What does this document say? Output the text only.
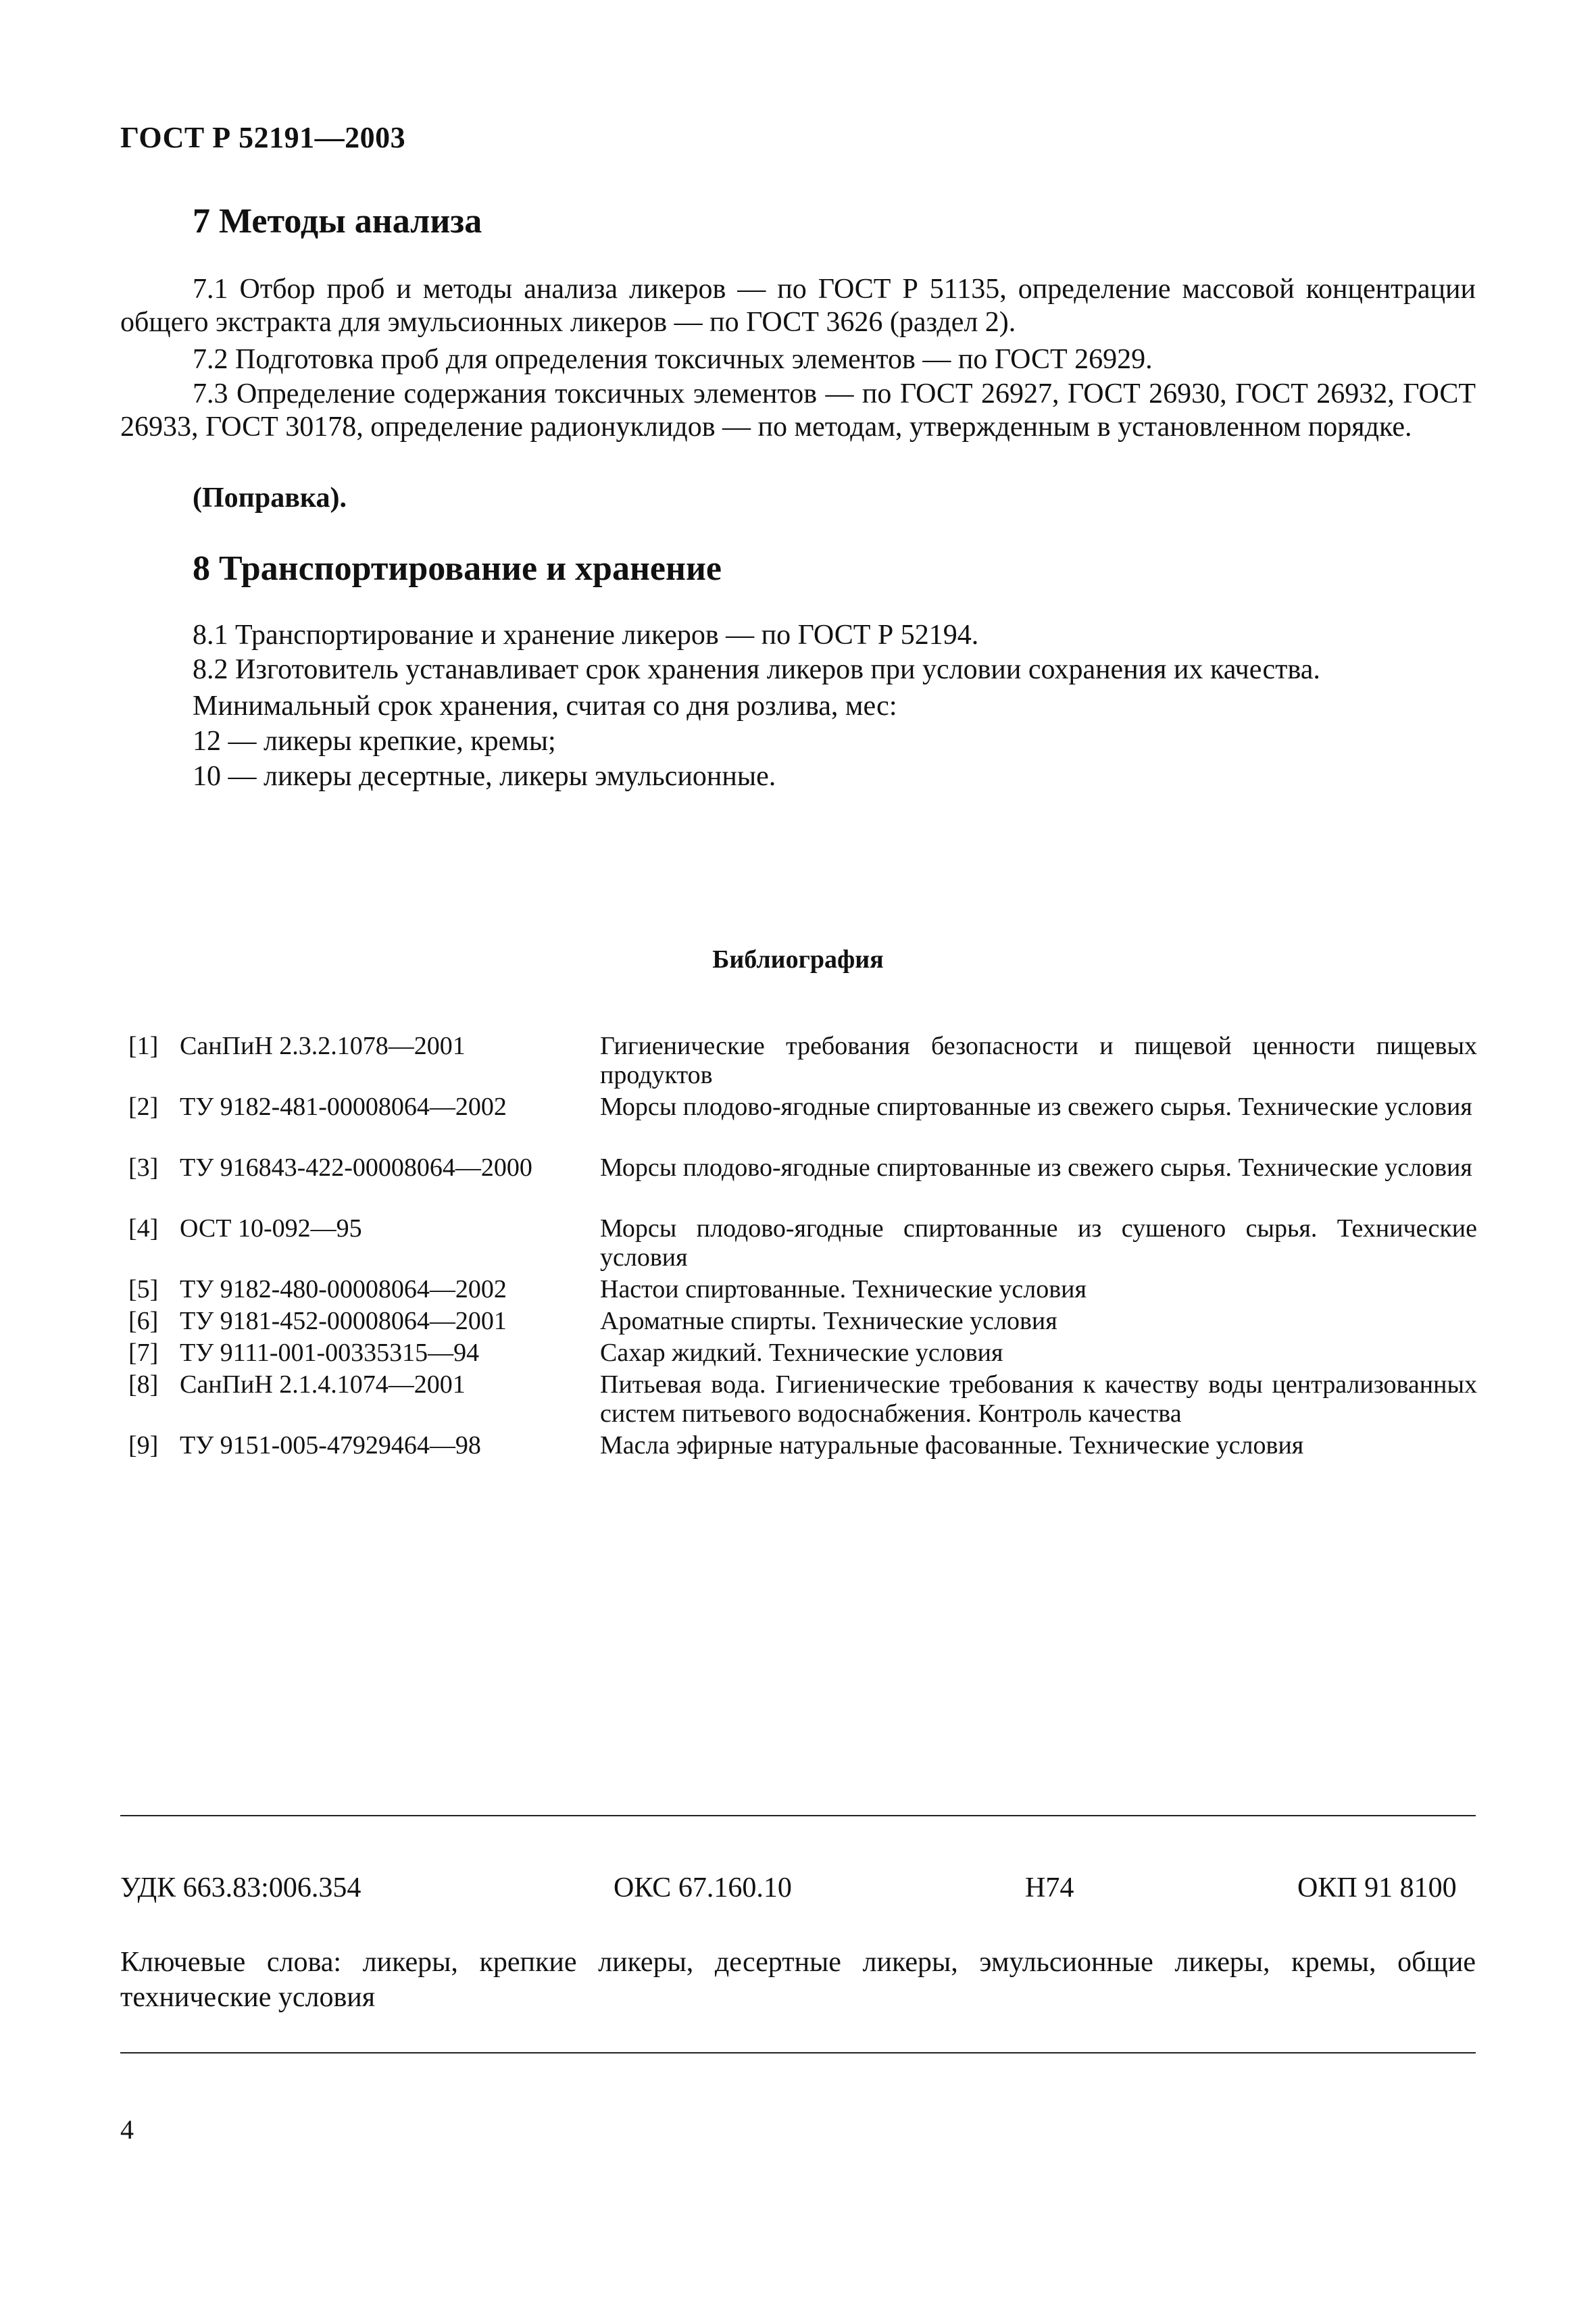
ГОСТ Р 52191—2003
7 Методы анализа
7.1 Отбор проб и методы анализа ликеров — по ГОСТ Р 51135, определение массовой концентрации общего экстракта для эмульсионных ликеров — по ГОСТ 3626 (раздел 2).
7.2 Подготовка проб для определения токсичных элементов — по ГОСТ 26929.
7.3 Определение содержания токсичных элементов — по ГОСТ 26927, ГОСТ 26930, ГОСТ 26932, ГОСТ 26933, ГОСТ 30178, определение радионуклидов — по методам, утвержденным в установленном порядке.
(Поправка).
8 Транспортирование и хранение
8.1 Транспортирование и хранение ликеров — по ГОСТ Р 52194.
8.2 Изготовитель устанавливает срок хранения ликеров при условии сохранения их качества.
Минимальный срок хранения, считая со дня розлива, мес:
12 — ликеры крепкие, кремы;
10 — ликеры десертные, ликеры эмульсионные.
Библиография
[1] СанПиН 2.3.2.1078—2001	Гигиенические требования безопасности и пищевой ценности пищевых продуктов
[2] ТУ 9182-481-00008064—2002	Морсы плодово-ягодные спиртованные из свежего сырья. Технические условия
[3] ТУ 916843-422-00008064—2000	Морсы плодово-ягодные спиртованные из свежего сырья. Технические условия
[4] ОСТ 10-092—95	Морсы плодово-ягодные спиртованные из сушеного сырья. Технические условия
[5] ТУ 9182-480-00008064—2002	Настои спиртованные. Технические условия
[6] ТУ 9181-452-00008064—2001	Ароматные спирты. Технические условия
[7] ТУ 9111-001-00335315—94	Сахар жидкий. Технические условия
[8] СанПиН 2.1.4.1074—2001	Питьевая вода. Гигиенические требования к качеству воды централизованных систем питьевого водоснабжения. Контроль качества
[9] ТУ 9151-005-47929464—98	Масла эфирные натуральные фасованные. Технические условия
УДК 663.83:006.354	ОКС 67.160.10	Н74	ОКП 91 8100
Ключевые слова: ликеры, крепкие ликеры, десертные ликеры, эмульсионные ликеры, кремы, общие технические условия
4
